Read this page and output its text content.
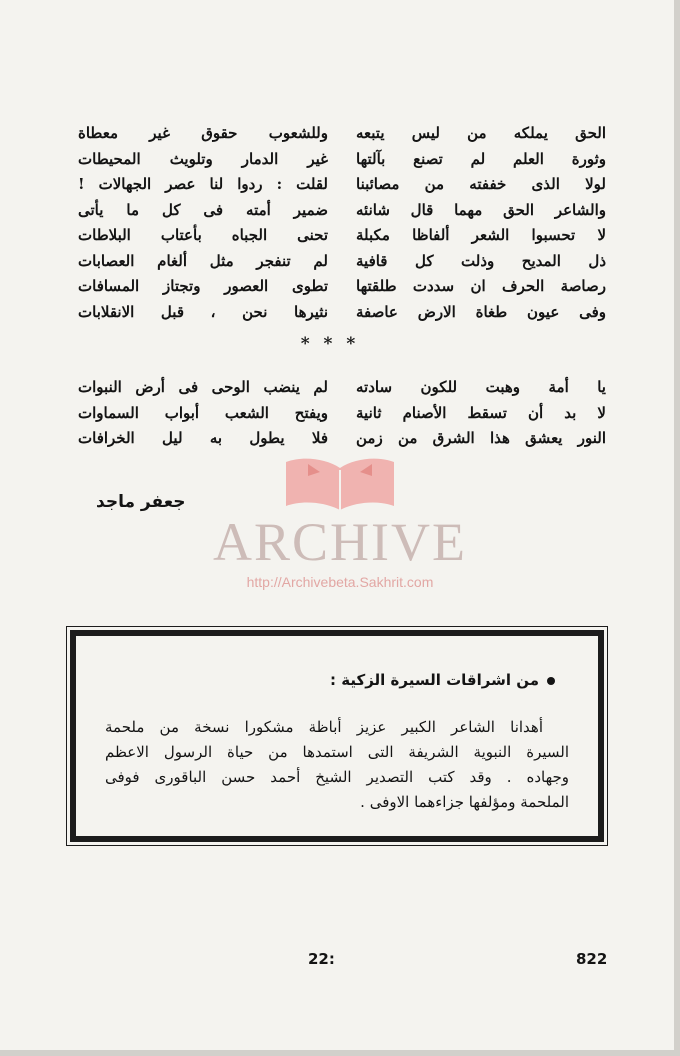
الحق يملكه من ليس يتبعه
وللشعوب حقوق غير معطاة
وثورة العلم لم تصنع بآلتها
غير الدمار وتلويث المحيطات
لولا الذى خففته من مصائبنا
لقلت : ردوا لنا عصر الجهالات !
والشاعر الحق مهما قال شانئه
ضمير أمته فى كل ما يأتى
لا تحسبوا الشعر ألفاظا مكبلة
تحنى الجباه بأعتاب البلاطات
ذل المديح وذلت كل قافية
لم تنفجر مثل ألغام العصابات
رصاصة الحرف ان سددت طلقتها
تطوى العصور وتجتاز المسافات
وفى عيون طغاة الارض عاصفة
نثيرها نحن ، قبل الانقلابات
* * *
يا أمة وهبت للكون سادته
لم ينضب الوحى فى أرض النبوات
لا بد أن تسقط الأصنام ثانية
ويفتح الشعب أبواب السماوات
النور يعشق هذا الشرق من زمن
فلا يطول به ليل الخرافات
ARCHIVE
http://Archivebeta.Sakhrit.com
جعفر ماجد
من اشراقات السيرة الزكية :
أهدانا الشاعر الكبير عزيز أباظة مشكورا نسخة من ملحمة
السيرة النبوية الشريفة التى استمدها من حياة الرسول الاعظم
وجهاده . وقد كتب التصدير الشيخ أحمد حسن الباقورى فوفى
الملحمة ومؤلفها جزاءهما الاوفى .
22:	822
